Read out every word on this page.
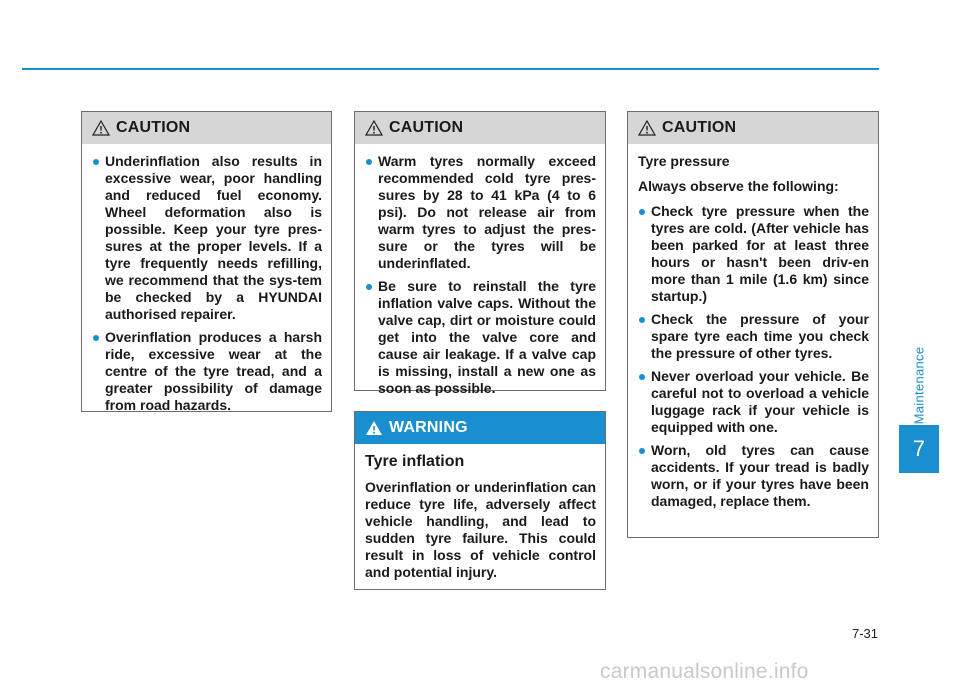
CAUTION
Underinflation also results in excessive wear, poor handling and reduced fuel economy. Wheel deformation also is possible. Keep your tyre pres-sures at the proper levels. If a tyre frequently needs refilling, we recommend that the sys-tem be checked by a HYUNDAI authorised repairer.
Overinflation produces a harsh ride, excessive wear at the centre of the tyre tread, and a greater possibility of damage from road hazards.
CAUTION
Warm tyres normally exceed recommended cold tyre pres-sures by 28 to 41 kPa (4 to 6 psi). Do not release air from warm tyres to adjust the pres-sure or the tyres will be underinflated.
Be sure to reinstall the tyre inflation valve caps. Without the valve cap, dirt or moisture could get into the valve core and cause air leakage. If a valve cap is missing, install a new one as soon as possible.
WARNING

Tyre inflation

Overinflation or underinflation can reduce tyre life, adversely affect vehicle handling, and lead to sudden tyre failure. This could result in loss of vehicle control and potential injury.

CAUTION

Tyre pressure

Always observe the following:

Check tyre pressure when the tyres are cold. (After vehicle has been parked for at least three hours or hasn't been driv-en more than 1 mile (1.6 km) since startup.)
Check the pressure of your spare tyre each time you check the pressure of other tyres.
Never overload your vehicle. Be careful not to overload a vehicle luggage rack if your vehicle is equipped with one.
Worn, old tyres can cause accidents. If your tread is badly worn, or if your tyres have been damaged, replace them.
Maintenance
7
7-31
carmanualsonline.info
